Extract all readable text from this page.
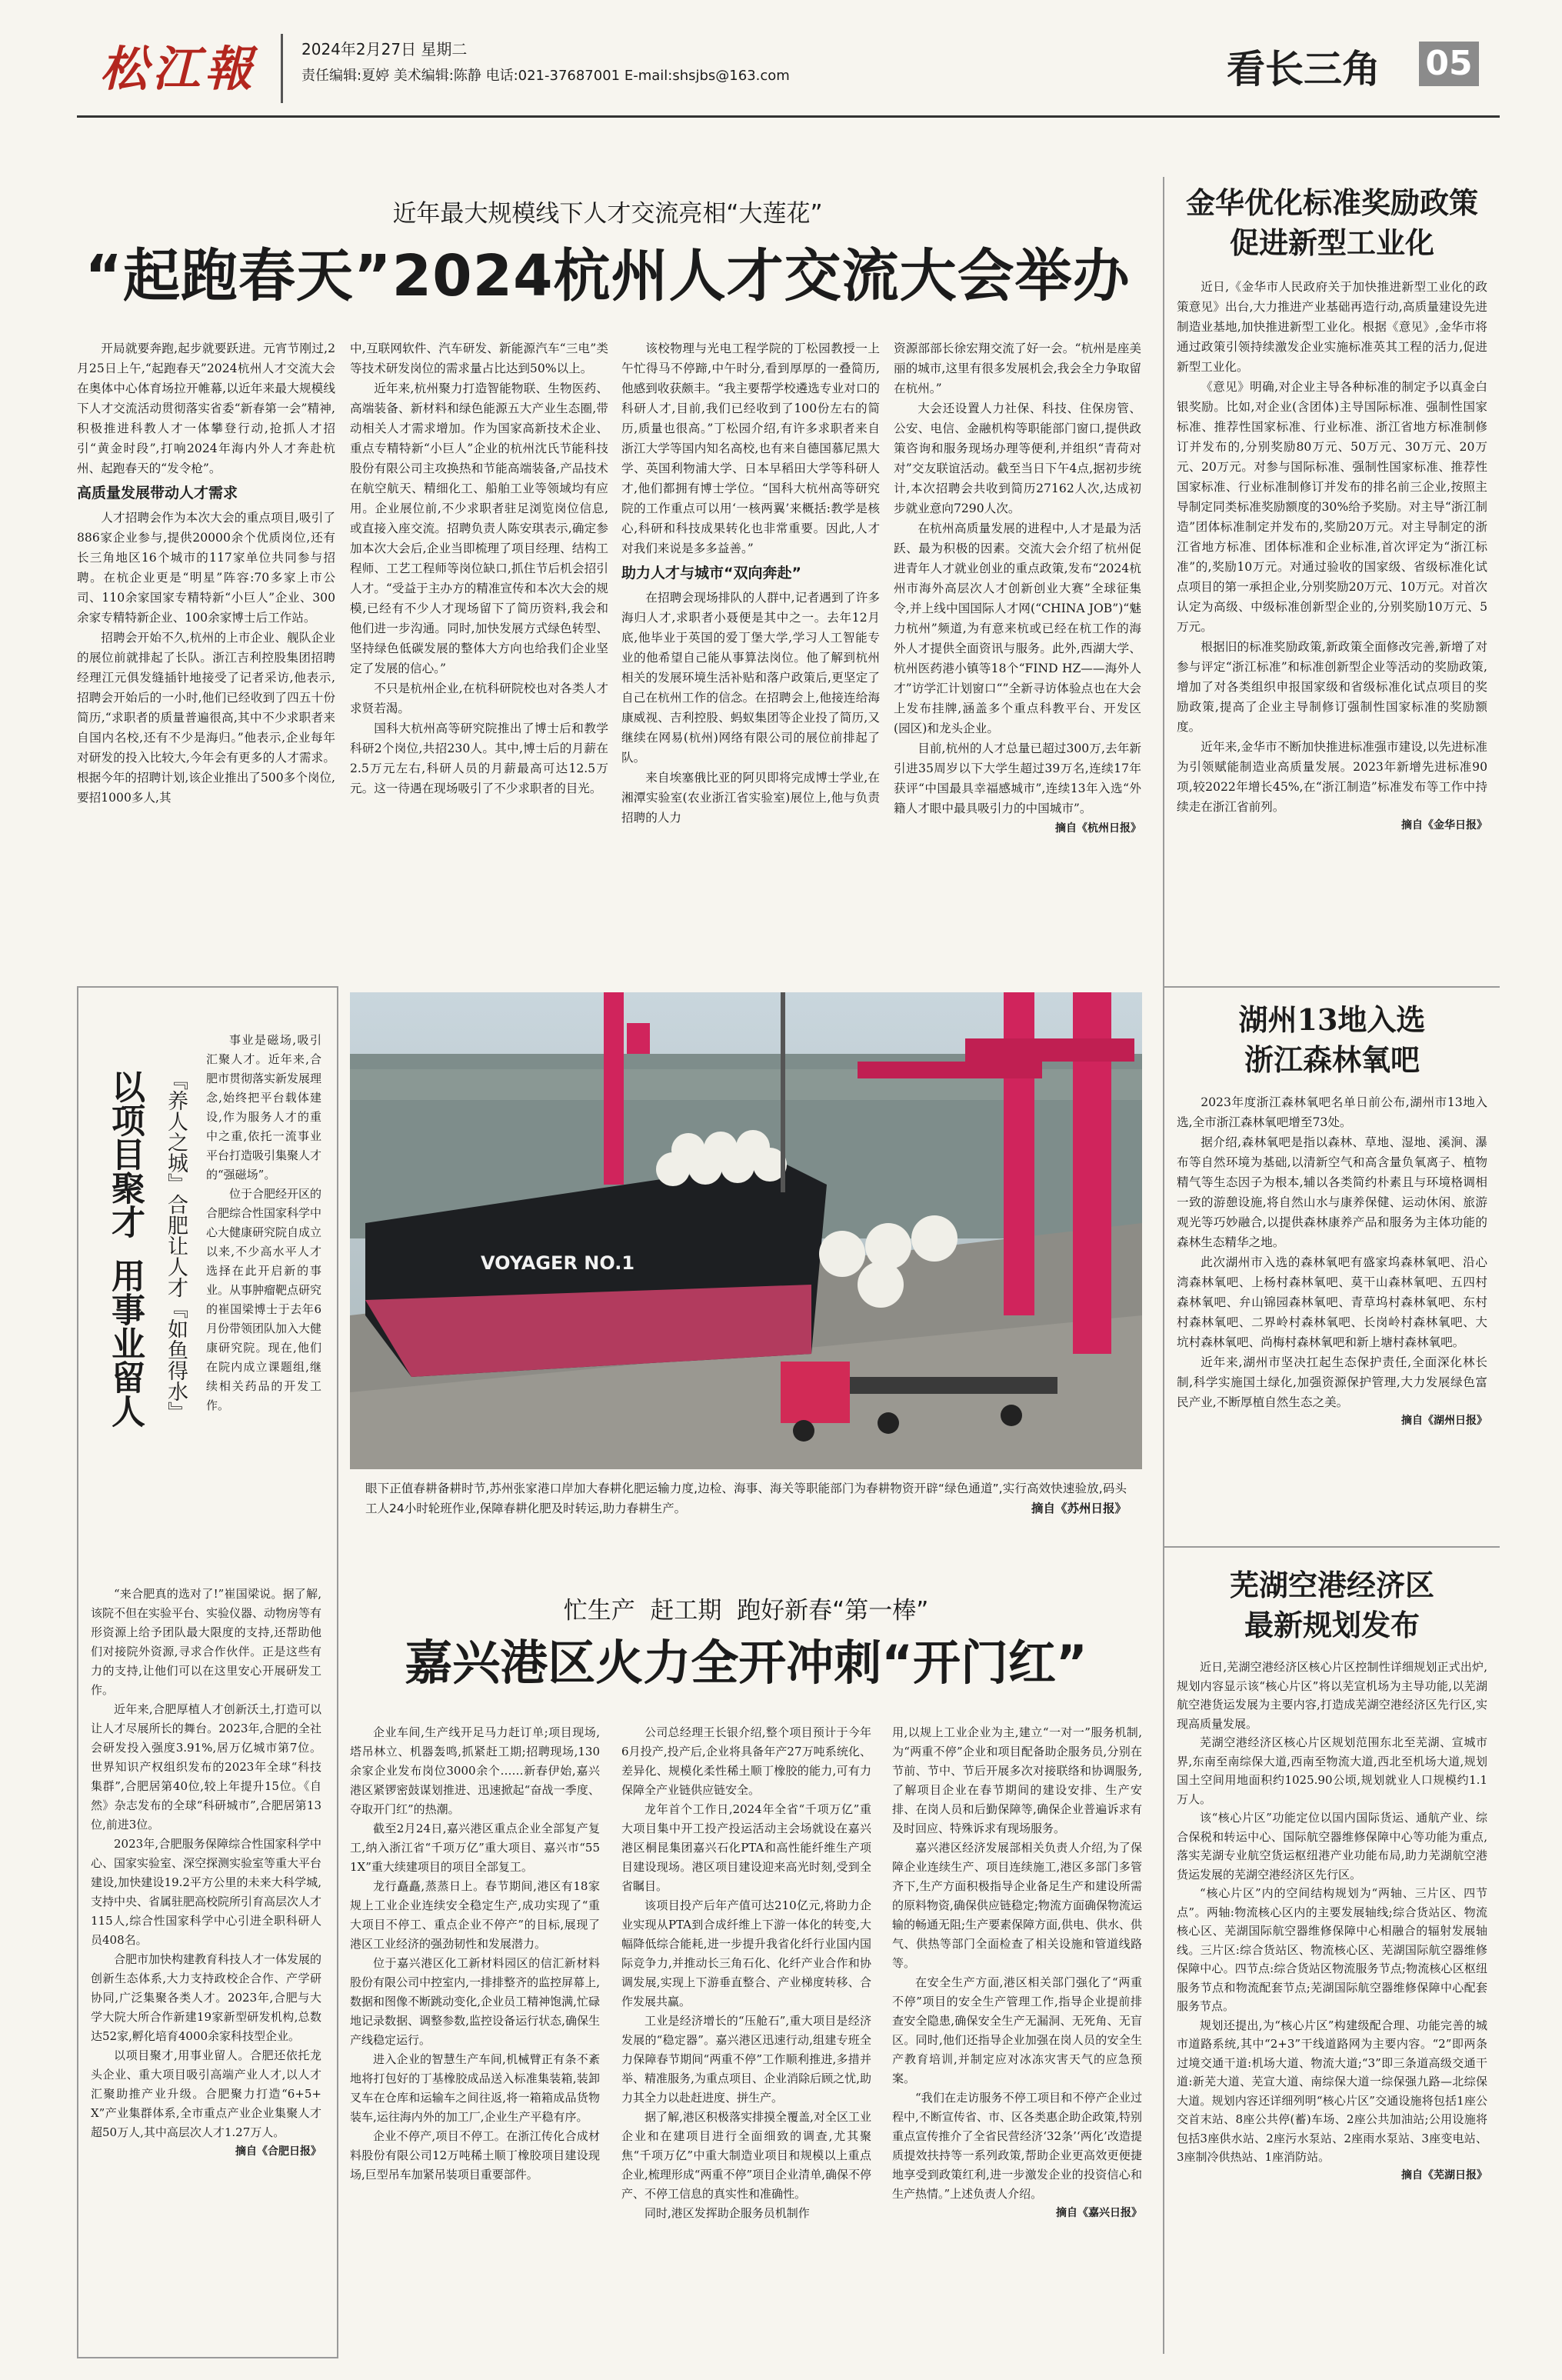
松江報	2024年2月27日 星期二
责任编辑:夏婷 美术编辑:陈静 电话:021-37687001 E-mail:shsjbs@163.com	看长三角 05
近年最大规模线下人才交流亮相“大莲花”
“起跑春天”2024杭州人才交流大会举办

开局就要奔跑,起步就要跃进。元宵节刚过,2月25日上午,“起跑春天”2024杭州人才交流大会在奥体中心体育场拉开帷幕,以近年来最大规模线下人才交流活动贯彻落实省委“新春第一会”精神,积极推进科教人才一体攀登行动,抢抓人才招引“黄金时段”,打响2024年海内外人才奔赴杭州、起跑春天的“发令枪”。

高质量发展带动人才需求

人才招聘会作为本次大会的重点项目,吸引了886家企业参与,提供20000余个优质岗位,还有长三角地区16个城市的117家单位共同参与招聘。在杭企业更是“明星”阵容:70多家上市公司、110余家国家专精特新“小巨人”企业、300余家专精特新企业、100余家博士后工作站。

招聘会开始不久,杭州的上市企业、舰队企业的展位前就排起了长队。浙江吉利控股集团招聘经理江元俱发缝插针地接受了记者采访,他表示,招聘会开始后的一小时,他们已经收到了四五十份简历,“求职者的质量普遍很高,其中不少求职者来自国内名校,还有不少是海归。”他表示,企业每年对研发的投入比较大,今年会有更多的人才需求。根据今年的招聘计划,该企业推出了500多个岗位,要招1000多人,其

中,互联网软件、汽车研发、新能源汽车“三电”类等技术研发岗位的需求量占比达到50%以上。

近年来,杭州聚力打造智能物联、生物医药、高端装备、新材料和绿色能源五大产业生态圈,带动相关人才需求增加。作为国家高新技术企业、重点专精特新“小巨人”企业的杭州沈氏节能科技股份有限公司主攻换热和节能高端装备,产品技术在航空航天、精细化工、船舶工业等领域均有应用。企业展位前,不少求职者驻足浏览岗位信息,或直接入座交流。招聘负责人陈安琪表示,确定参加本次大会后,企业当即梳理了项目经理、结构工程师、工艺工程师等岗位缺口,抓住节后机会招引人才。“受益于主办方的精准宣传和本次大会的规模,已经有不少人才现场留下了简历资料,我会和他们进一步沟通。同时,加快发展方式绿色转型、坚持绿色低碳发展的整体大方向也给我们企业坚定了发展的信心。”

不只是杭州企业,在杭科研院校也对各类人才求贤若渴。

国科大杭州高等研究院推出了博士后和教学科研2个岗位,共招230人。其中,博士后的月薪在2.5万元左右,科研人员的月薪最高可达12.5万元。这一待遇在现场吸引了不少求职者的目光。

该校物理与光电工程学院的丁松园教授一上午忙得马不停蹄,中午时分,看到厚厚的一叠简历,他感到收获颇丰。“我主要帮学校遴选专业对口的科研人才,目前,我们已经收到了100份左右的简历,质量也很高。”丁松园介绍,有许多求职者来自浙江大学等国内知名高校,也有来自德国慕尼黑大学、英国利物浦大学、日本早稻田大学等科研人才,他们都拥有博士学位。“国科大杭州高等研究院的工作重点可以用‘一核两翼’来概括:教学是核心,科研和科技成果转化也非常重要。因此,人才对我们来说是多多益善。”

助力人才与城市“双向奔赴”

在招聘会现场排队的人群中,记者遇到了许多海归人才,求职者小聂便是其中之一。去年12月底,他毕业于英国的爱丁堡大学,学习人工智能专业的他希望自己能从事算法岗位。他了解到杭州相关的发展环境生活补贴和落户政策后,更坚定了自己在杭州工作的信念。在招聘会上,他接连给海康威视、吉利控股、蚂蚁集团等企业投了简历,又继续在网易(杭州)网络有限公司的展位前排起了队。

来自埃塞俄比亚的阿贝即将完成博士学业,在湘潭实验室(农业浙江省实验室)展位上,他与负责招聘的人力

资源部部长徐宏翔交流了好一会。“杭州是座美丽的城市,这里有很多发展机会,我会全力争取留在杭州。”

大会还设置人力社保、科技、住保房管、公安、电信、金融机构等职能部门窗口,提供政策咨询和服务现场办理等便利,并组织“青荷对对”交友联谊活动。截至当日下午4点,据初步统计,本次招聘会共收到简历27162人次,达成初步就业意向7290人次。

在杭州高质量发展的进程中,人才是最为活跃、最为积极的因素。交流大会介绍了杭州促进青年人才就业创业的重点政策,发布“2024杭州市海外高层次人才创新创业大赛”全球征集令,并上线中国国际人才网(“CHINA JOB”)“魅力杭州”频道,为有意来杭或已经在杭工作的海外人才提供全面资讯与服务。此外,西湖大学、杭州医药港小镇等18个“FIND HZ——海外人才”访学汇计划窗口“”全新寻访体验点也在大会上发布挂牌,涵盖多个重点科教平台、开发区(园区)和龙头企业。

目前,杭州的人才总量已超过300万,去年新引进35周岁以下大学生超过39万名,连续17年获评“中国最具幸福感城市”,连续13年入选“外籍人才眼中最具吸引力的中国城市”。

摘自《杭州日报》
金华优化标准奖励政策
促进新型工业化

近日,《金华市人民政府关于加快推进新型工业化的政策意见》出台,大力推进产业基础再造行动,高质量建设先进制造业基地,加快推进新型工业化。根据《意见》,金华市将通过政策引领持续激发企业实施标准英其工程的活力,促进新型工业化。

《意见》明确,对企业主导各种标准的制定予以真金白银奖励。比如,对企业(含团体)主导国际标准、强制性国家标准、推荐性国家标准、行业标准、浙江省地方标准制修订并发布的,分别奖励80万元、50万元、30万元、20万元、20万元。对参与国际标准、强制性国家标准、推荐性国家标准、行业标准制修订并发布的排名前三企业,按照主导制定同类标准奖励额度的30%给予奖励。对主导“浙江制造”团体标准制定并发布的,奖励20万元。对主导制定的浙江省地方标准、团体标准和企业标准,首次评定为“浙江标准”的,奖励10万元。对通过验收的国家级、省级标准化试点项目的第一承担企业,分别奖励20万元、10万元。对首次认定为高级、中级标准创新型企业的,分别奖励10万元、5万元。

根据旧的标准奖励政策,新政策全面修改完善,新增了对参与评定“浙江标准”和标准创新型企业等活动的奖励政策,增加了对各类组织申报国家级和省级标准化试点项目的奖励政策,提高了企业主导制修订强制性国家标准的奖励额度。

近年来,金华市不断加快推进标准强市建设,以先进标准为引领赋能制造业高质量发展。2023年新增先进标准90项,较2022年增长45%,在“浙江制造”标准发布等工作中持续走在浙江省前列。

摘自《金华日报》
湖州13地入选
浙江森林氧吧

2023年度浙江森林氧吧名单日前公布,湖州市13地入选,全市浙江森林氧吧增至73处。

据介绍,森林氧吧是指以森林、草地、湿地、溪涧、瀑布等自然环境为基础,以清新空气和高含量负氧离子、植物精气等生态因子为根本,辅以各类简约朴素且与环境格调相一致的游憩设施,将自然山水与康养保健、运动休闲、旅游观光等巧妙融合,以提供森林康养产品和服务为主体功能的森林生态精华之地。

此次湖州市入选的森林氧吧有盛家坞森林氧吧、沿心湾森林氧吧、上杨村森林氧吧、莫干山森林氧吧、五四村森林氧吧、弁山锦园森林氧吧、青草坞村森林氧吧、东村村森林氧吧、二界岭村森林氧吧、长岗岭村森林氧吧、大坑村森林氧吧、尚梅村森林氧吧和新上塘村森林氧吧。

近年来,湖州市坚决扛起生态保护责任,全面深化林长制,科学实施国土绿化,加强资源保护管理,大力发展绿色富民产业,不断厚植自然生态之美。

摘自《湖州日报》
芜湖空港经济区
最新规划发布

近日,芜湖空港经济区核心片区控制性详细规划正式出炉,规划内容显示该“核心片区”将以芜宣机场为主导功能,以芜湖航空港货运发展为主要内容,打造成芜湖空港经济区先行区,实现高质量发展。

芜湖空港经济区核心片区规划范围东北至芜湖、宣城市界,东南至南综保大道,西南至物流大道,西北至机场大道,规划国土空间用地面积约1025.90公顷,规划就业人口规模约1.1万人。

该“核心片区”功能定位以国内国际货运、通航产业、综合保税和转运中心、国际航空器维修保障中心等功能为重点,落实芜湖专业航空货运枢纽港产业功能布局,助力芜湖航空港货运发展的芜湖空港经济区先行区。

“核心片区”内的空间结构规划为“两轴、三片区、四节点”。两轴:物流核心区内的主要发展轴线;综合货站区、物流核心区、芜湖国际航空器维修保障中心相融合的辐射发展轴线。三片区:综合货站区、物流核心区、芜湖国际航空器维修保障中心。四节点:综合货站区物流服务节点;物流核心区枢纽服务节点和物流配套节点;芜湖国际航空器维修保障中心配套服务节点。

规划还提出,为“核心片区”构建级配合理、功能完善的城市道路系统,其中“2+3”干线道路网为主要内容。“2”即两条过境交通干道:机场大道、物流大道;“3”即三条道高级交通干道:新芜大道、芜宣大道、南综保大道一综保强九路—北综保大道。规划内容还详细列明“核心片区”交通设施将包括1座公交首末站、8座公共停(蓄)车场、2座公共加油站;公用设施将包括3座供水站、2座污水泵站、2座雨水泵站、3座变电站、3座制冷供热站、1座消防站。

摘自《芜湖日报》
以项目聚才
用事业留人 『养人之城』合肥让人才『如鱼得水』

事业是磁场,吸引汇聚人才。近年来,合肥市贯彻落实新发展理念,始终把平台载体建设,作为服务人才的重中之重,依托一流事业平台打造吸引集聚人才的“强磁场”。

位于合肥经开区的合肥综合性国家科学中心大健康研究院自成立以来,不少高水平人才选择在此开启新的事业。从事肿瘤靶点研究的崔国梁博士于去年6月份带领团队加入大健康研究院。现在,他们在院内成立课题组,继续相关药品的开发工作。

“来合肥真的选对了!”崔国梁说。据了解,该院不但在实验平台、实验仪器、动物房等有形资源上给予团队最大限度的支持,还帮助他们对接院外资源,寻求合作伙伴。正是这些有力的支持,让他们可以在这里安心开展研发工作。

近年来,合肥厚植人才创新沃土,打造可以让人才尽展所长的舞台。2023年,合肥的全社会研发投入强度3.91%,居万亿城市第7位。世界知识产权组织发布的2023年全球“科技集群”,合肥居第40位,较上年提升15位。《自然》杂志发布的全球“科研城市”,合肥居第13位,前进3位。

2023年,合肥服务保障综合性国家科学中心、国家实验室、深空探测实验室等重大平台建设,加快建设19.2平方公里的未来大科学城,支持中央、省属驻肥高校院所引育高层次人才115人,综合性国家科学中心引进全职科研人员408名。

合肥市加快构建教育科技人才一体发展的创新生态体系,大力支持政校企合作、产学研协同,广泛集聚各类人才。2023年,合肥与大学大院大所合作新建19家新型研发机构,总数达52家,孵化培育4000余家科技型企业。

以项目聚才,用事业留人。合肥还依托龙头企业、重大项目吸引高端产业人才,以人才汇聚助推产业升级。合肥聚力打造“6+5+X”产业集群体系,全市重点产业企业集聚人才超50万人,其中高层次人才1.27万人。

摘自《合肥日报》
VOYAGER NO.1
眼下正值春耕备耕时节,苏州张家港口岸加大春耕化肥运输力度,边检、海事、海关等职能部门为春耕物资开辟“绿色通道”,实行高效快速验放,码头工人24小时轮班作业,保障春耕化肥及时转运,助力春耕生产。	摘自《苏州日报》
忙生产  赶工期  跑好新春“第一棒”
嘉兴港区火力全开冲刺“开门红”

企业车间,生产线开足马力赶订单;项目现场,塔吊林立、机器轰鸣,抓紧赶工期;招聘现场,130余家企业发布岗位3000余个……新春伊始,嘉兴港区紧锣密鼓谋划推进、迅速掀起“奋战一季度、夺取开门红”的热潮。

截至2月24日,嘉兴港区重点企业全部复产复工,纳入浙江省“千项万亿”重大项目、嘉兴市“551X”重大续建项目的项目全部复工。

龙行矗矗,蒸蒸日上。春节期间,港区有18家规上工业企业连续安全稳定生产,成功实现了“重大项目不停工、重点企业不停产”的目标,展现了港区工业经济的强劲韧性和发展潜力。

位于嘉兴港区化工新材料园区的信汇新材料股份有限公司中控室内,一排排整齐的监控屏幕上,数据和图像不断跳动变化,企业员工精神饱满,忙碌地记录数据、调整参数,监控设备运行状态,确保生产线稳定运行。

进入企业的智慧生产车间,机械臂正有条不紊地将打包好的丁基橡胶成品送入标准集装箱,装卸叉车在仓库和运输车之间往返,将一箱箱成品货物装车,运往海内外的加工厂,企业生产平稳有序。

企业不停产,项目不停工。在浙江传化合成材料股份有限公司12万吨稀土顺丁橡胶项目建设现场,巨型吊车加紧吊装项目重要部件。

公司总经理王长银介绍,整个项目预计于今年6月投产,投产后,企业将具备年产27万吨系统化、差异化、规模化柔性稀土顺丁橡胶的能力,可有力保障全产业链供应链安全。

龙年首个工作日,2024年全省“千项万亿”重大项目集中开工投产投运活动主会场就设在嘉兴港区桐昆集团嘉兴石化PTA和高性能纤维生产项目建设现场。港区项目建设迎来高光时刻,受到全省瞩目。

该项目投产后年产值可达210亿元,将助力企业实现从PTA到合成纤维上下游一体化的转变,大幅降低综合能耗,进一步提升我省化纤行业国内国际竞争力,并推动长三角石化、化纤产业合作和协调发展,实现上下游垂直整合、产业梯度转移、合作发展共赢。

工业是经济增长的“压舱石”,重大项目是经济发展的“稳定器”。嘉兴港区迅速行动,组建专班全力保障春节期间“两重不停”工作顺利推进,多措并举、精准服务,为重点项目、企业消除后顾之忧,助力其全力以赴赶进度、拼生产。

据了解,港区积极落实排摸全覆盖,对全区工业企业和在建项目进行全面细致的调查,尤其聚焦“千项万亿”中重大制造业项目和规模以上重点企业,梳理形成“两重不停”项目企业清单,确保不停产、不停工信息的真实性和准确性。

同时,港区发挥助企服务员机制作

用,以规上工业企业为主,建立“一对一”服务机制,为“两重不停”企业和项目配备助企服务员,分别在节前、节中、节后开展多次对接联络和协调服务,了解项目企业在春节期间的建设安排、生产安排、在岗人员和后勤保障等,确保企业普遍诉求有及时回应、特殊诉求有现场服务。

嘉兴港区经济发展部相关负责人介绍,为了保障企业连续生产、项目连续施工,港区多部门多管齐下,生产方面积极指导企业备足生产和建设所需的原料物资,确保供应链稳定;物流方面确保物流运输的畅通无阻;生产要素保障方面,供电、供水、供气、供热等部门全面检查了相关设施和管道线路等。

在安全生产方面,港区相关部门强化了“两重不停”项目的安全生产管理工作,指导企业提前排查安全隐患,确保安全生产无漏洞、无死角、无盲区。同时,他们还指导企业加强在岗人员的安全生产教育培训,并制定应对冰冻灾害天气的应急预案。

“我们在走访服务不停工项目和不停产企业过程中,不断宣传省、市、区各类惠企助企政策,特别重点宣传推介了全省民营经济‘32条’‘两化’改造提质提效扶持等一系列政策,帮助企业更高效更便捷地享受到政策红利,进一步激发企业的投资信心和生产热情。”上述负责人介绍。

摘自《嘉兴日报》
